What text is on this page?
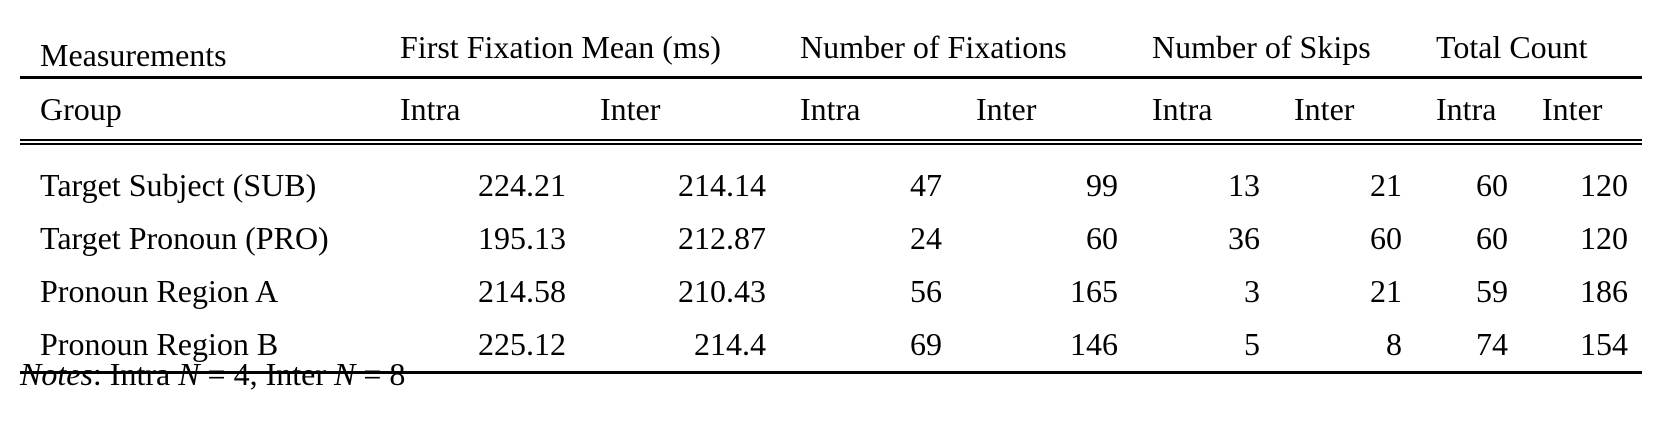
Measurements	First Fixation Mean (ms)		Number of Fixations		Number of Skips		Total Count	
Group	Intra	Inter	Intra	Inter	Intra	Inter	Intra	Inter
Target Subject (SUB)	224.21	214.14	47	99	13	21	60	120
Target Pronoun (PRO)	195.13	212.87	24	60	36	60	60	120
Pronoun Region A	214.58	210.43	56	165	3	21	59	186
Pronoun Region B	225.12	214.4	69	146	5	8	74	154
Notes: Intra N = 4, Inter N = 8
